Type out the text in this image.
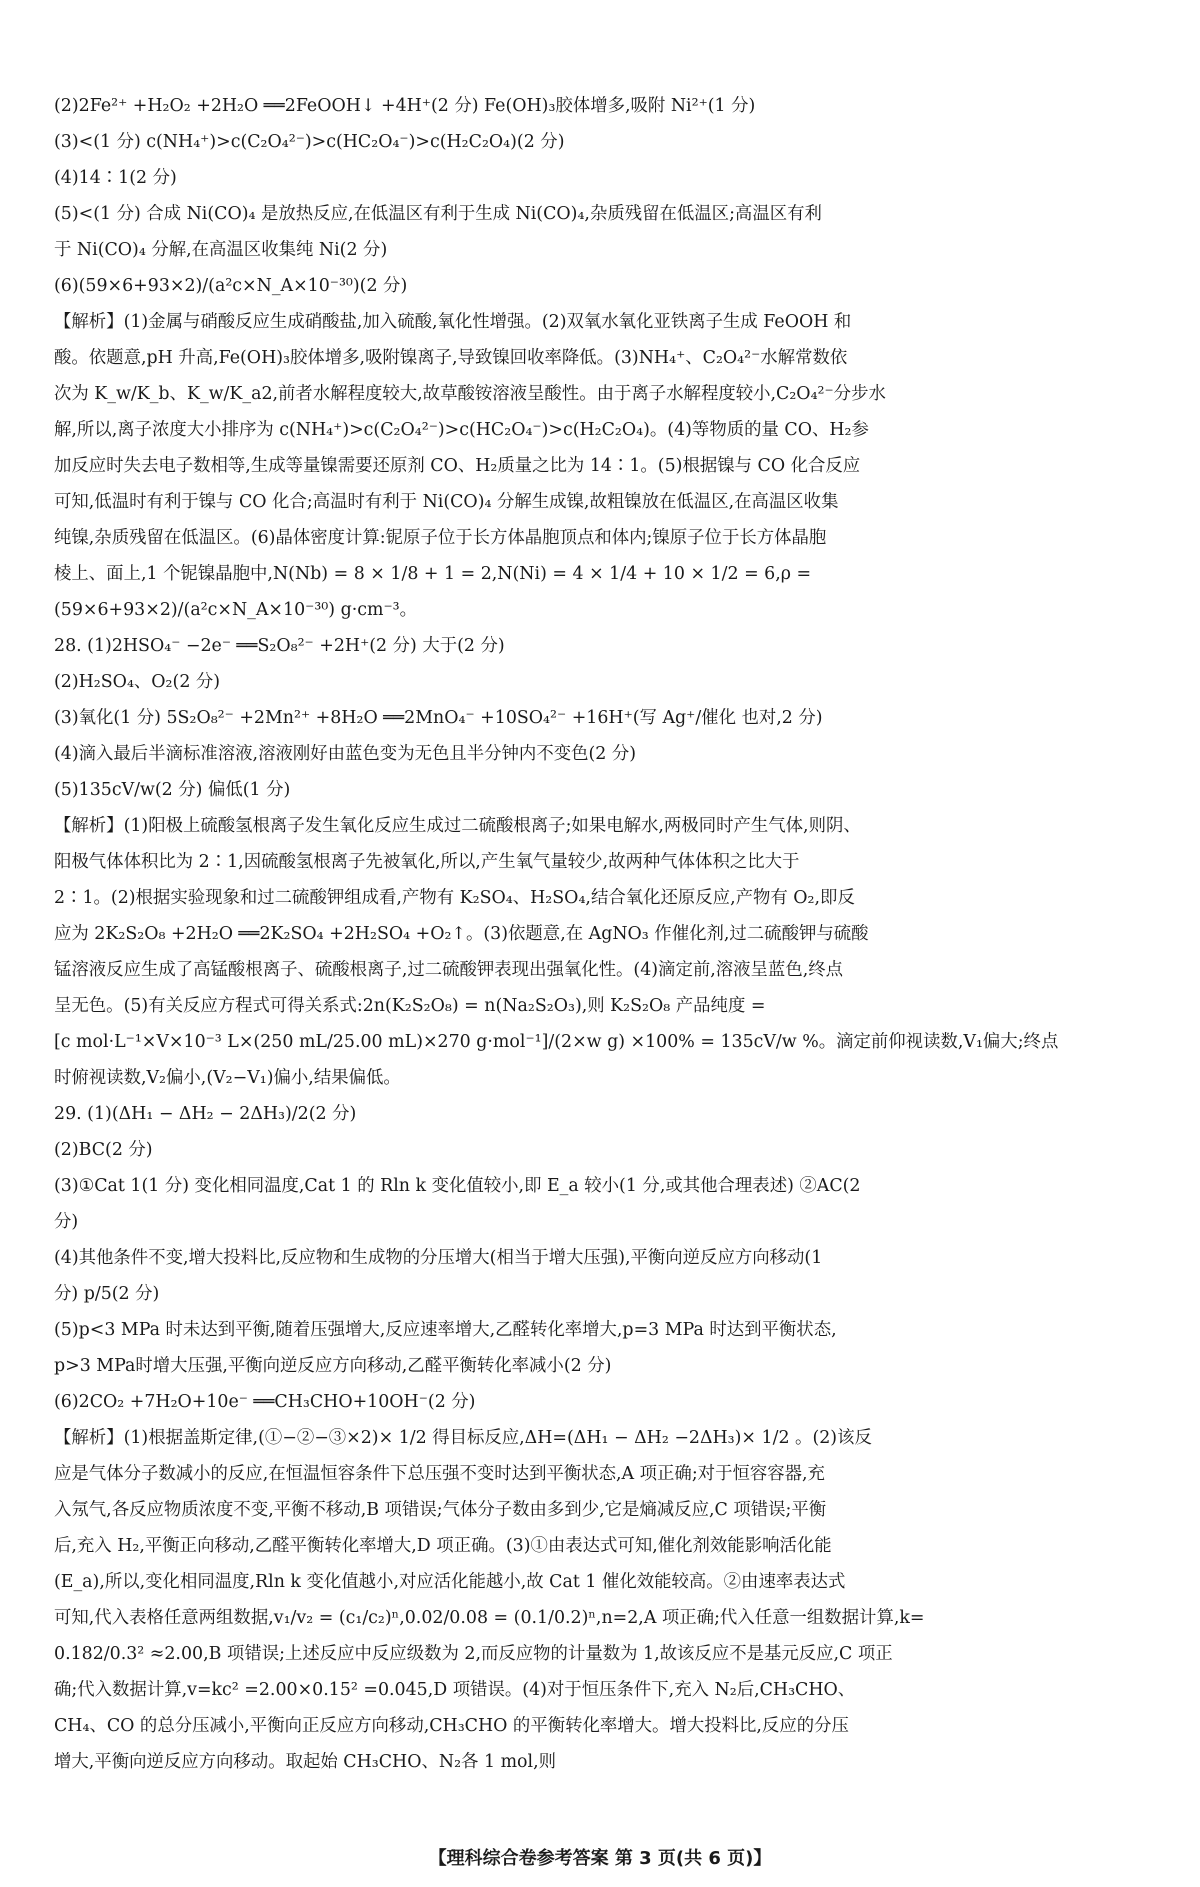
(2)2Fe²⁺ +H₂O₂ +2H₂O ══2FeOOH↓ +4H⁺(2 分) Fe(OH)₃胶体增多,吸附 Ni²⁺(1 分)
(3)<(1 分) c(NH₄⁺)>c(C₂O₄²⁻)>c(HC₂O₄⁻)>c(H₂C₂O₄)(2 分)
(4)14∶1(2 分)
(5)<(1 分) 合成 Ni(CO)₄ 是放热反应,在低温区有利于生成 Ni(CO)₄,杂质残留在低温区;高温区有利
于 Ni(CO)₄ 分解,在高温区收集纯 Ni(2 分)
(6)(59×6+93×2)/(a²c×N_A×10⁻³⁰)(2 分)
【解析】(1)金属与硝酸反应生成硝酸盐,加入硫酸,氧化性增强。(2)双氧水氧化亚铁离子生成 FeOOH 和
酸。依题意,pH 升高,Fe(OH)₃胶体增多,吸附镍离子,导致镍回收率降低。(3)NH₄⁺、C₂O₄²⁻水解常数依
次为 K_w/K_b、K_w/K_a2,前者水解程度较大,故草酸铵溶液呈酸性。由于离子水解程度较小,C₂O₄²⁻分步水
解,所以,离子浓度大小排序为 c(NH₄⁺)>c(C₂O₄²⁻)>c(HC₂O₄⁻)>c(H₂C₂O₄)。(4)等物质的量 CO、H₂参
加反应时失去电子数相等,生成等量镍需要还原剂 CO、H₂质量之比为 14∶1。(5)根据镍与 CO 化合反应
可知,低温时有利于镍与 CO 化合;高温时有利于 Ni(CO)₄ 分解生成镍,故粗镍放在低温区,在高温区收集
纯镍,杂质残留在低温区。(6)晶体密度计算:铌原子位于长方体晶胞顶点和体内;镍原子位于长方体晶胞
棱上、面上,1 个铌镍晶胞中,N(Nb) = 8 × 1/8 + 1 = 2,N(Ni) = 4 × 1/4 + 10 × 1/2 = 6,ρ =
(59×6+93×2)/(a²c×N_A×10⁻³⁰) g·cm⁻³。
28. (1)2HSO₄⁻ −2e⁻ ══S₂O₈²⁻ +2H⁺(2 分) 大于(2 分)
(2)H₂SO₄、O₂(2 分)
(3)氧化(1 分) 5S₂O₈²⁻ +2Mn²⁺ +8H₂O ══2MnO₄⁻ +10SO₄²⁻ +16H⁺(写 Ag⁺/催化 也对,2 分)
(4)滴入最后半滴标准溶液,溶液刚好由蓝色变为无色且半分钟内不变色(2 分)
(5)135cV/w(2 分) 偏低(1 分)
【解析】(1)阳极上硫酸氢根离子发生氧化反应生成过二硫酸根离子;如果电解水,两极同时产生气体,则阴、
阳极气体体积比为 2∶1,因硫酸氢根离子先被氧化,所以,产生氧气量较少,故两种气体体积之比大于
2∶1。(2)根据实验现象和过二硫酸钾组成看,产物有 K₂SO₄、H₂SO₄,结合氧化还原反应,产物有 O₂,即反
应为 2K₂S₂O₈ +2H₂O ══2K₂SO₄ +2H₂SO₄ +O₂↑。(3)依题意,在 AgNO₃ 作催化剂,过二硫酸钾与硫酸
锰溶液反应生成了高锰酸根离子、硫酸根离子,过二硫酸钾表现出强氧化性。(4)滴定前,溶液呈蓝色,终点
呈无色。(5)有关反应方程式可得关系式:2n(K₂S₂O₈) = n(Na₂S₂O₃),则 K₂S₂O₈ 产品纯度 =
[c mol·L⁻¹×V×10⁻³ L×(250 mL/25.00 mL)×270 g·mol⁻¹]/(2×w g) ×100% = 135cV/w %。滴定前仰视读数,V₁偏大;终点
时俯视读数,V₂偏小,(V₂−V₁)偏小,结果偏低。
29. (1)(ΔH₁ − ΔH₂ − 2ΔH₃)/2(2 分)
(2)BC(2 分)
(3)①Cat 1(1 分) 变化相同温度,Cat 1 的 Rln k 变化值较小,即 E_a 较小(1 分,或其他合理表述) ②AC(2
分)
(4)其他条件不变,增大投料比,反应物和生成物的分压增大(相当于增大压强),平衡向逆反应方向移动(1
分) p/5(2 分)
(5)p<3 MPa 时未达到平衡,随着压强增大,反应速率增大,乙醛转化率增大,p=3 MPa 时达到平衡状态,
p>3 MPa时增大压强,平衡向逆反应方向移动,乙醛平衡转化率减小(2 分)
(6)2CO₂ +7H₂O+10e⁻ ══CH₃CHO+10OH⁻(2 分)
【解析】(1)根据盖斯定律,(①−②−③×2)× 1/2 得目标反应,ΔH=(ΔH₁ − ΔH₂ −2ΔH₃)× 1/2 。(2)该反
应是气体分子数减小的反应,在恒温恒容条件下总压强不变时达到平衡状态,A 项正确;对于恒容容器,充
入氖气,各反应物质浓度不变,平衡不移动,B 项错误;气体分子数由多到少,它是熵减反应,C 项错误;平衡
后,充入 H₂,平衡正向移动,乙醛平衡转化率增大,D 项正确。(3)①由表达式可知,催化剂效能影响活化能
(E_a),所以,变化相同温度,Rln k 变化值越小,对应活化能越小,故 Cat 1 催化效能较高。②由速率表达式
可知,代入表格任意两组数据,v₁/v₂ = (c₁/c₂)ⁿ,0.02/0.08 = (0.1/0.2)ⁿ,n=2,A 项正确;代入任意一组数据计算,k=
0.182/0.3² ≈2.00,B 项错误;上述反应中反应级数为 2,而反应物的计量数为 1,故该反应不是基元反应,C 项正
确;代入数据计算,v=kc² =2.00×0.15² =0.045,D 项错误。(4)对于恒压条件下,充入 N₂后,CH₃CHO、
CH₄、CO 的总分压减小,平衡向正反应方向移动,CH₃CHO 的平衡转化率增大。增大投料比,反应的分压
增大,平衡向逆反应方向移动。取起始 CH₃CHO、N₂各 1 mol,则
【理科综合卷参考答案 第 3 页(共 6 页)】
